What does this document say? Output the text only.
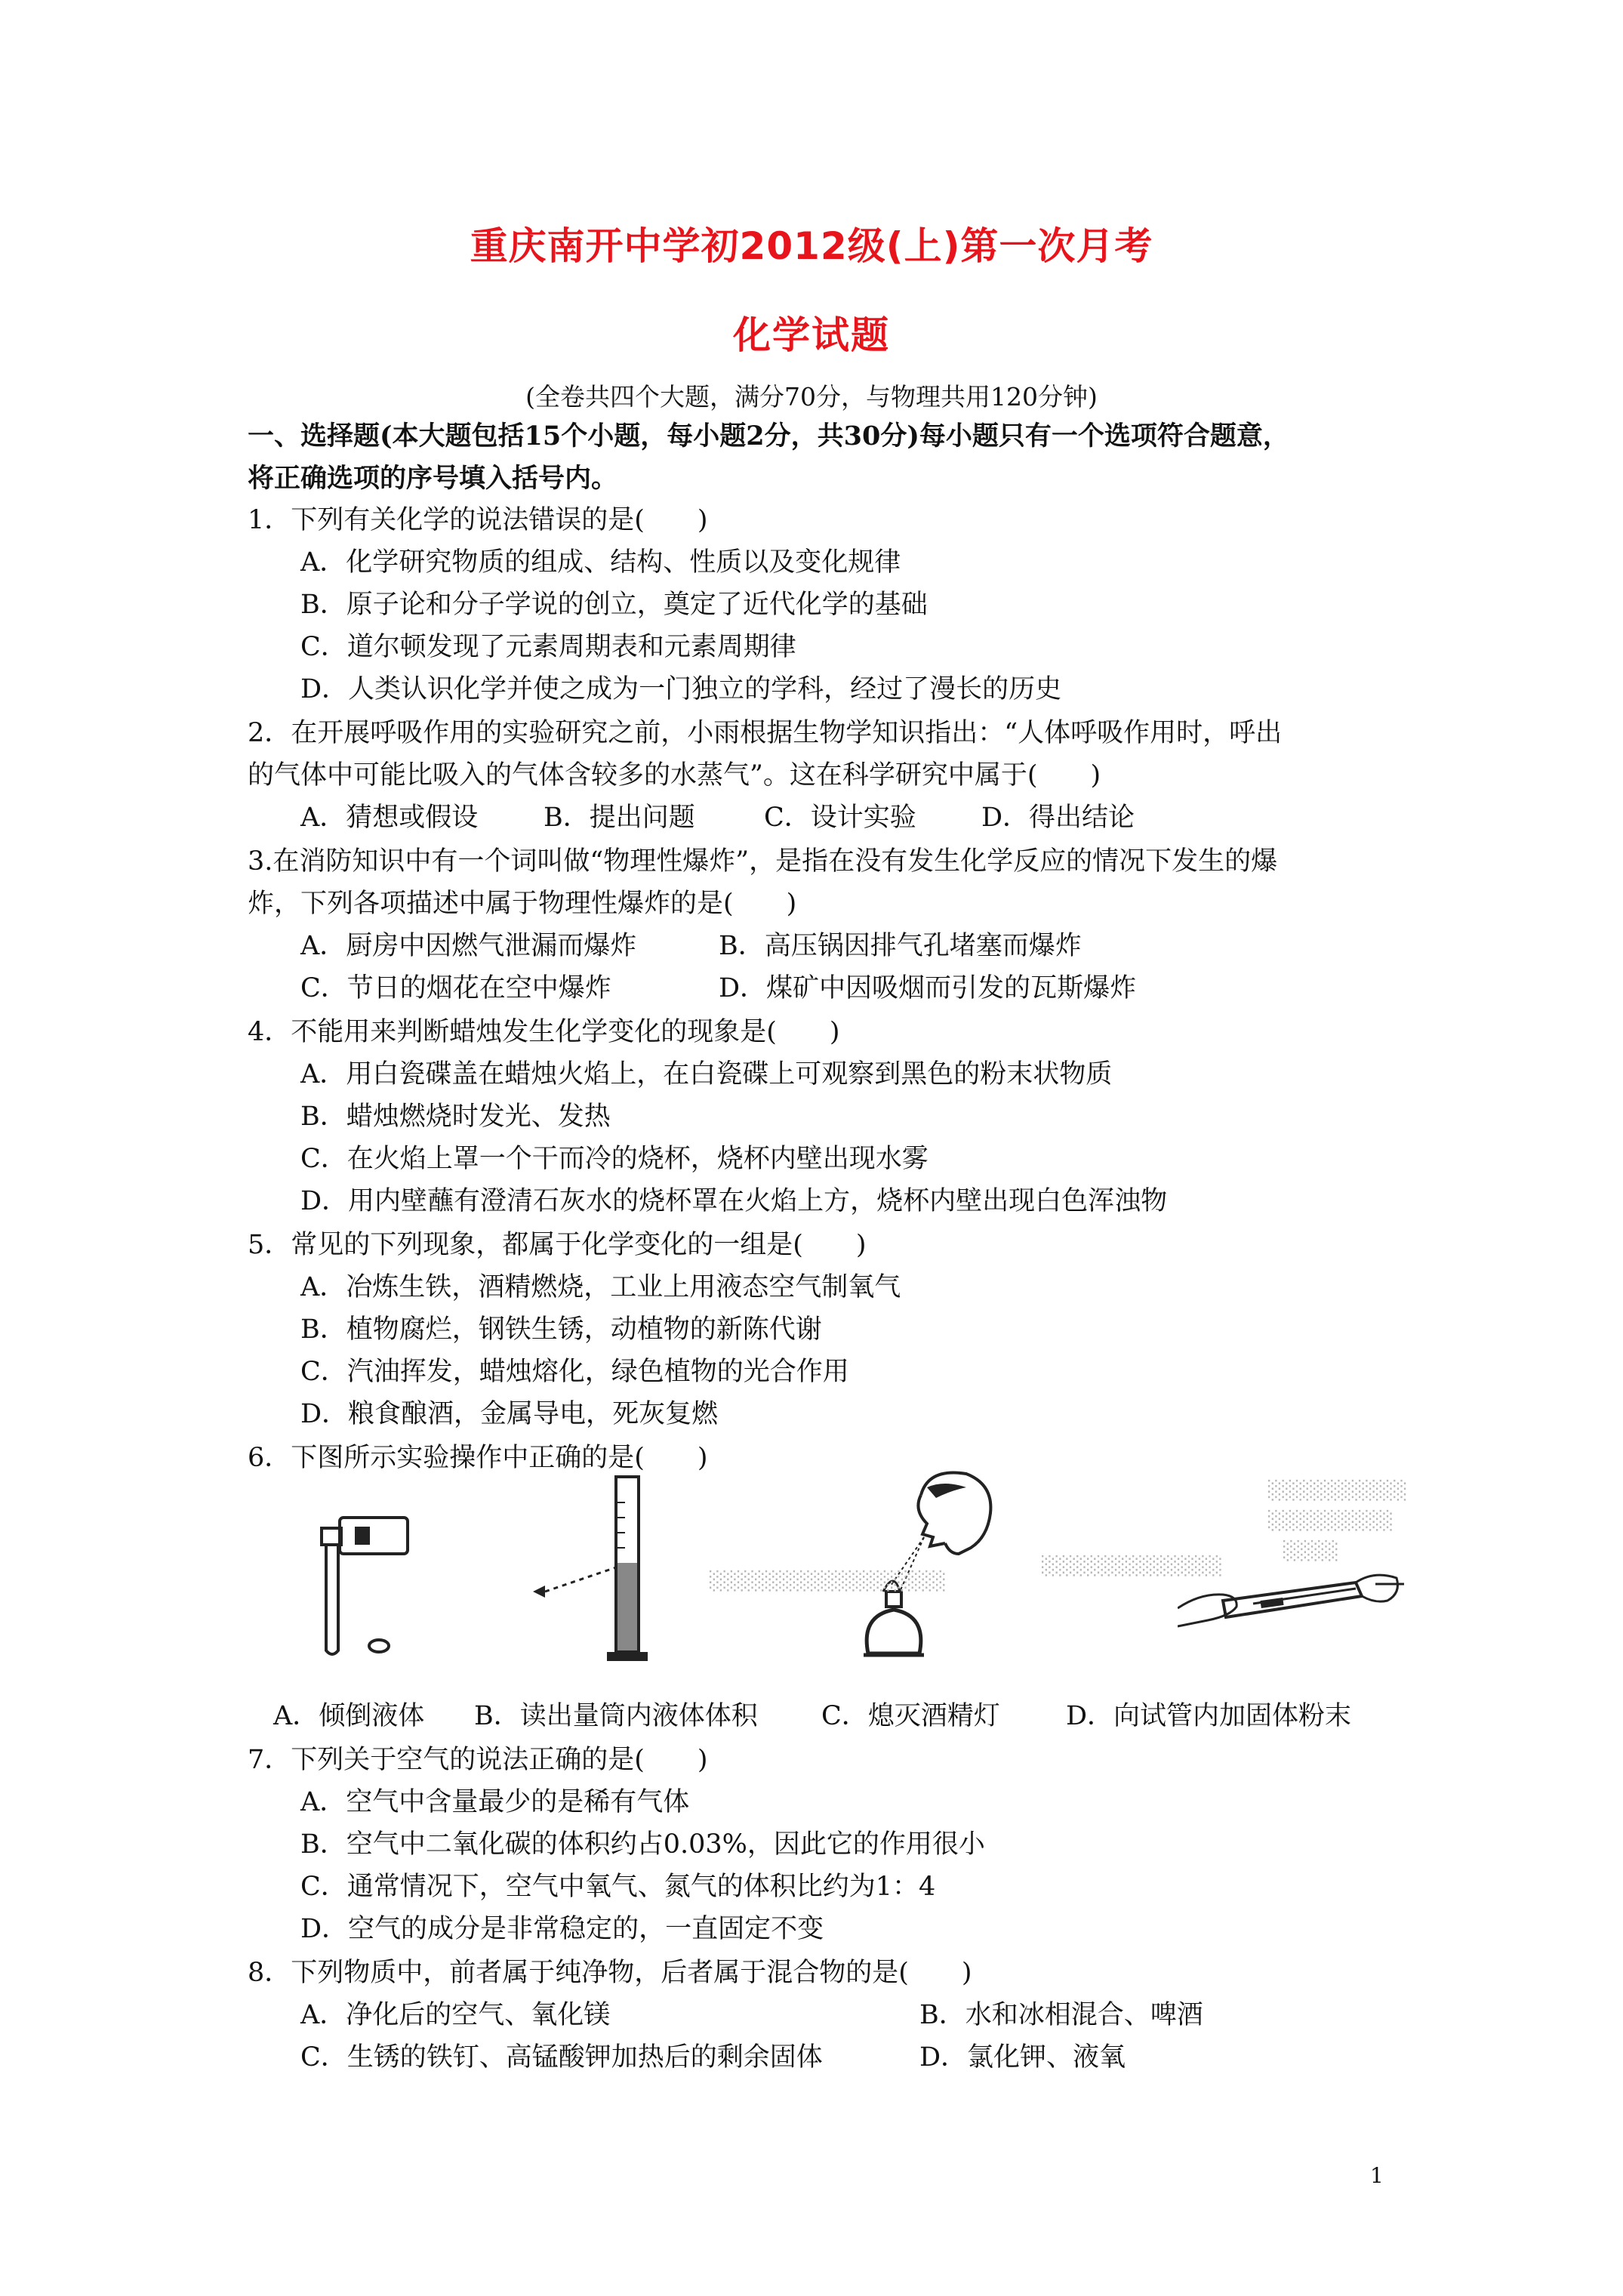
重庆南开中学初2012级(上)第一次月考
化学试题
(全卷共四个大题，满分70分，与物理共用120分钟)
一、选择题(本大题包括15个小题，每小题2分，共30分)每小题只有一个选项符合题意，
将正确选项的序号填入括号内。
1．下列有关化学的说法错误的是(　　)
A．化学研究物质的组成、结构、性质以及变化规律
B．原子论和分子学说的创立，奠定了近代化学的基础
C．道尔顿发现了元素周期表和元素周期律
D．人类认识化学并使之成为一门独立的学科，经过了漫长的历史
2．在开展呼吸作用的实验研究之前，小雨根据生物学知识指出：“人体呼吸作用时，呼出
的气体中可能比吸入的气体含较多的水蒸气”。这在科学研究中属于(　　)
A．猜想或假设 B．提出问题	C．设计实验 D．得出结论
3.在消防知识中有一个词叫做“物理性爆炸”，是指在没有发生化学反应的情况下发生的爆
炸，下列各项描述中属于物理性爆炸的是(　　)
A．厨房中因燃气泄漏而爆炸	B．高压锅因排气孔堵塞而爆炸
C．节日的烟花在空中爆炸	D．煤矿中因吸烟而引发的瓦斯爆炸
4．不能用来判断蜡烛发生化学变化的现象是(　　)
A．用白瓷碟盖在蜡烛火焰上，在白瓷碟上可观察到黑色的粉末状物质
B．蜡烛燃烧时发光、发热
C．在火焰上罩一个干而冷的烧杯，烧杯内壁出现水雾
D．用内壁蘸有澄清石灰水的烧杯罩在火焰上方，烧杯内壁出现白色浑浊物
5．常见的下列现象，都属于化学变化的一组是(　　)
A．冶炼生铁，酒精燃烧，工业上用液态空气制氧气
B．植物腐烂，钢铁生锈，动植物的新陈代谢
C．汽油挥发，蜡烛熔化，绿色植物的光合作用
D．粮食酿酒，金属导电，死灰复燃
6．下图所示实验操作中正确的是(　　)
░░░░░░░░░░
░░░░░░░░░
░░░░
░░░░░░░░░░░░░
░░░░░░░░░░░░░░░░░
A．倾倒液体 B．读出量筒内液体体积 C．熄灭酒精灯 D．向试管内加固体粉末
7．下列关于空气的说法正确的是(　　)
A．空气中含量最少的是稀有气体
B．空气中二氧化碳的体积约占0.03%，因此它的作用很小
C．通常情况下，空气中氧气、氮气的体积比约为1：4
D．空气的成分是非常稳定的，一直固定不变
8．下列物质中，前者属于纯净物，后者属于混合物的是(　　)
A．净化后的空气、氧化镁	B．水和冰相混合、啤酒
C．生锈的铁钉、高锰酸钾加热后的剩余固体	D．氯化钾、液氧
1
